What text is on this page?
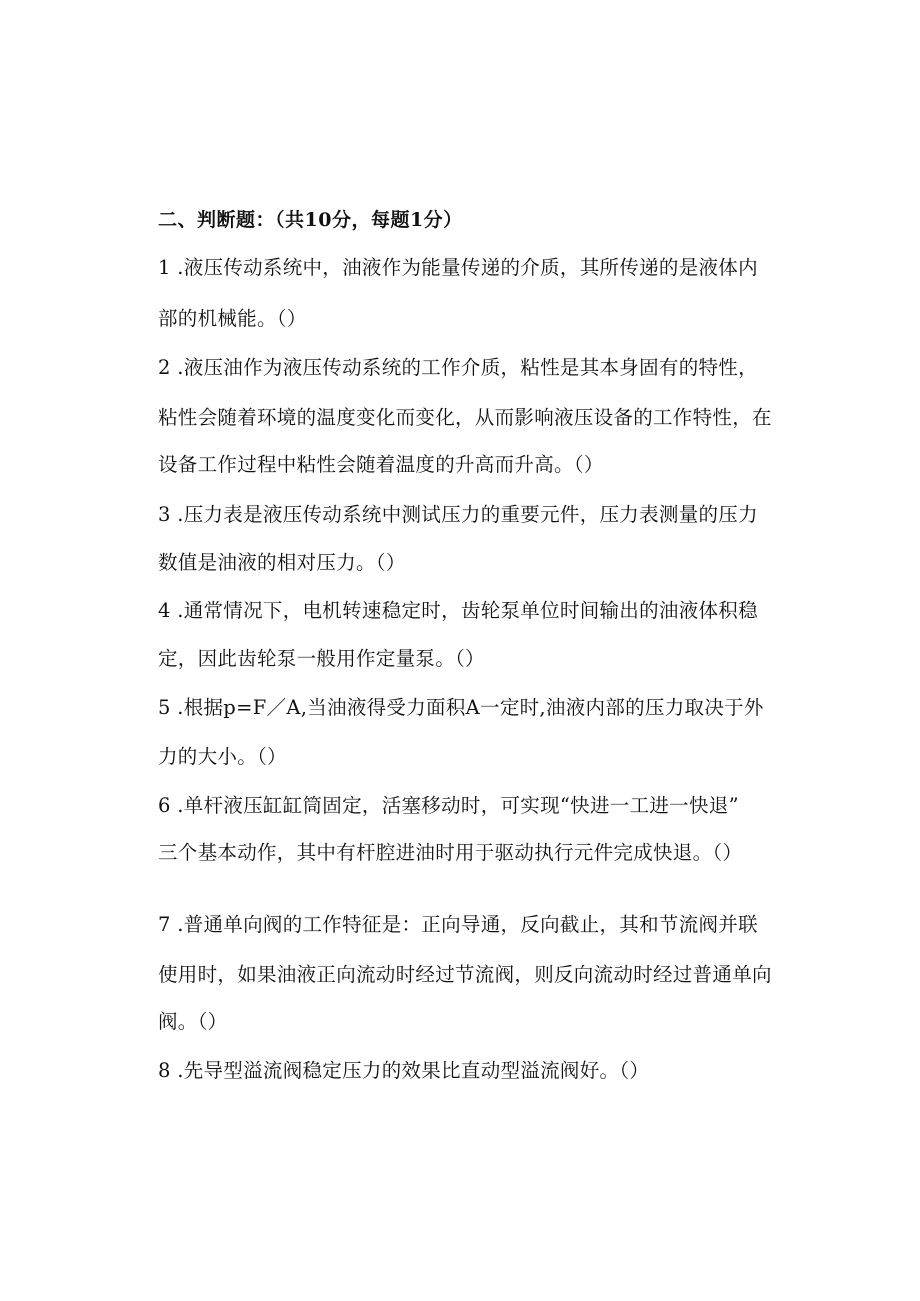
二、判断题：（共10分，每题1分）
1 .液压传动系统中，油液作为能量传递的介质，其所传递的是液体内
部的机械能。（）
2 .液压油作为液压传动系统的工作介质，粘性是其本身固有的特性，
粘性会随着环境的温度变化而变化，从而影响液压设备的工作特性，在
设备工作过程中粘性会随着温度的升高而升高。（）
3 .压力表是液压传动系统中测试压力的重要元件，压力表测量的压力
数值是油液的相对压力。（）
4 .通常情况下，电机转速稳定时，齿轮泵单位时间输出的油液体积稳
定，因此齿轮泵一般用作定量泵。（）
5 .根据p=F／A,当油液得受力面积A一定时,油液内部的压力取决于外
力的大小。（）
6 .单杆液压缸缸筒固定，活塞移动时，可实现“快进一工进一快退”
三个基本动作，其中有杆腔进油时用于驱动执行元件完成快退。（）
7 .普通单向阀的工作特征是：正向导通，反向截止，其和节流阀并联
使用时，如果油液正向流动时经过节流阀，则反向流动时经过普通单向
阀。（）
8 .先导型溢流阀稳定压力的效果比直动型溢流阀好。（）
